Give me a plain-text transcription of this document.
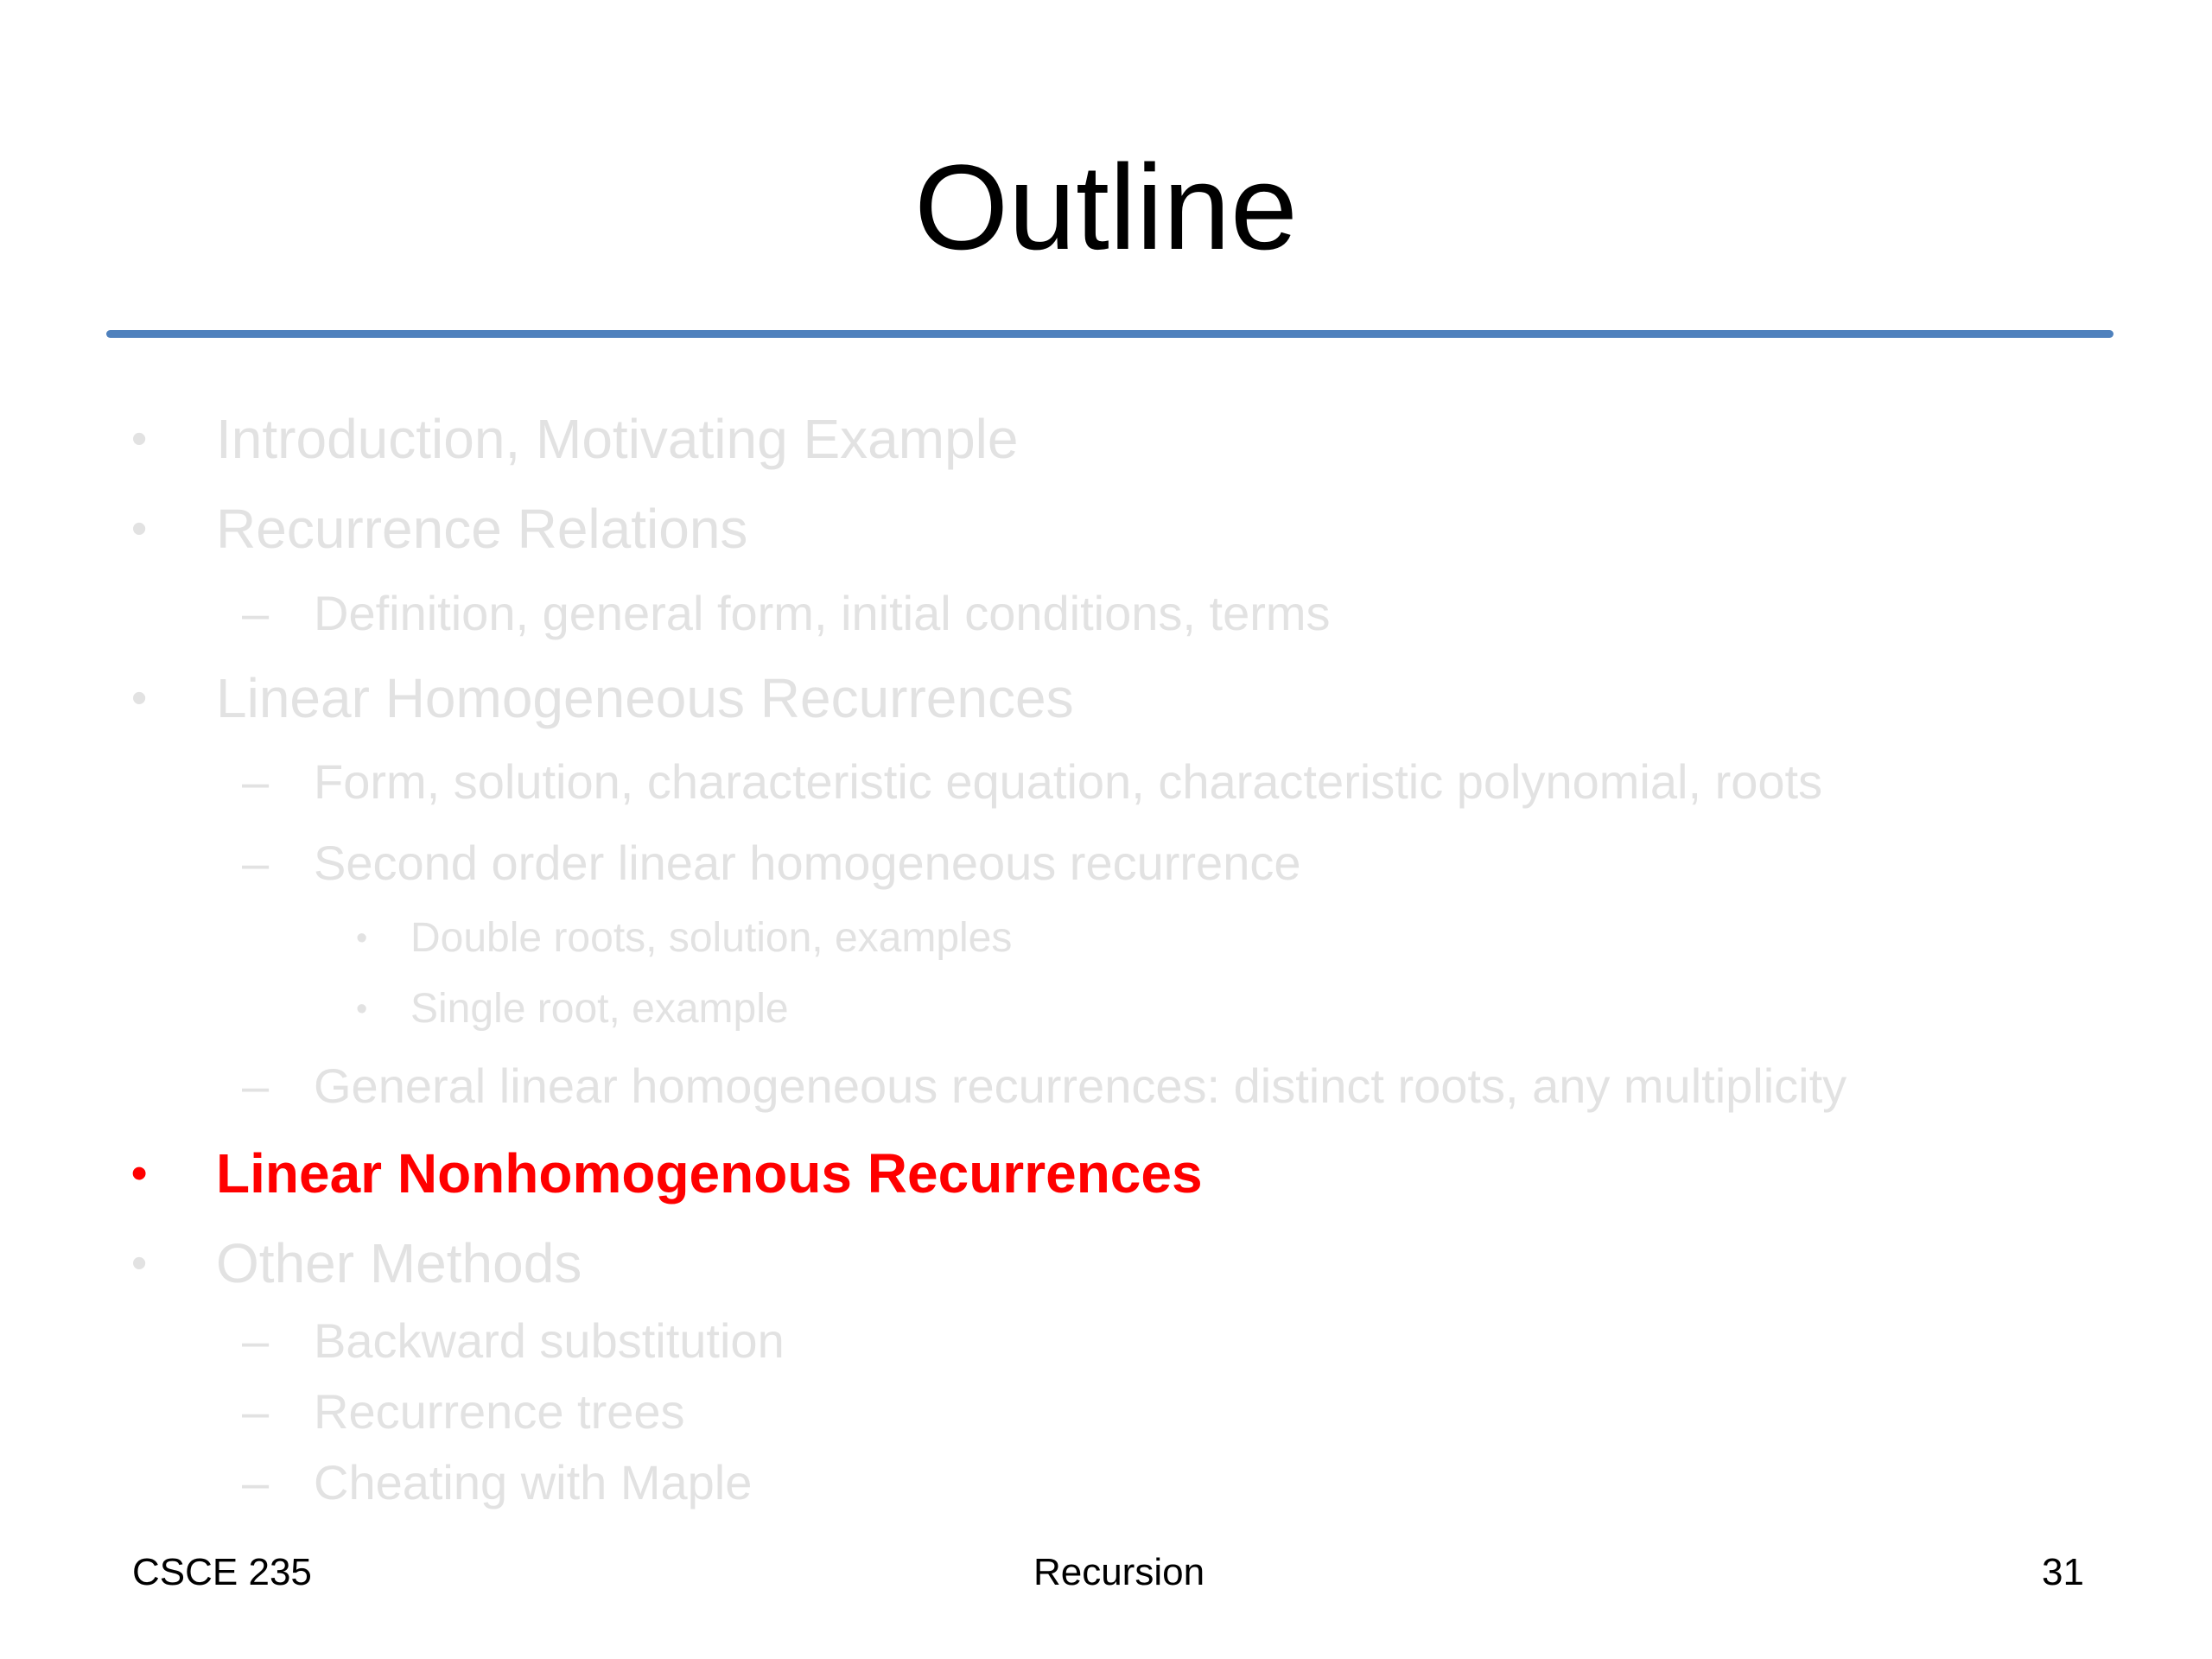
Outline
• Introduction, Motivating Example
• Recurrence Relations
– Definition, general form, initial conditions, terms
• Linear Homogeneous Recurrences
– Form, solution, characteristic equation, characteristic polynomial, roots
– Second order linear homogeneous recurrence
• Double roots, solution, examples
• Single root, example
– General linear homogeneous recurrences: distinct roots, any multiplicity
• Linear Nonhomogenous Recurrences
• Other Methods
– Backward substitution
– Recurrence trees
– Cheating with Maple
CSCE 235	Recursion	31
